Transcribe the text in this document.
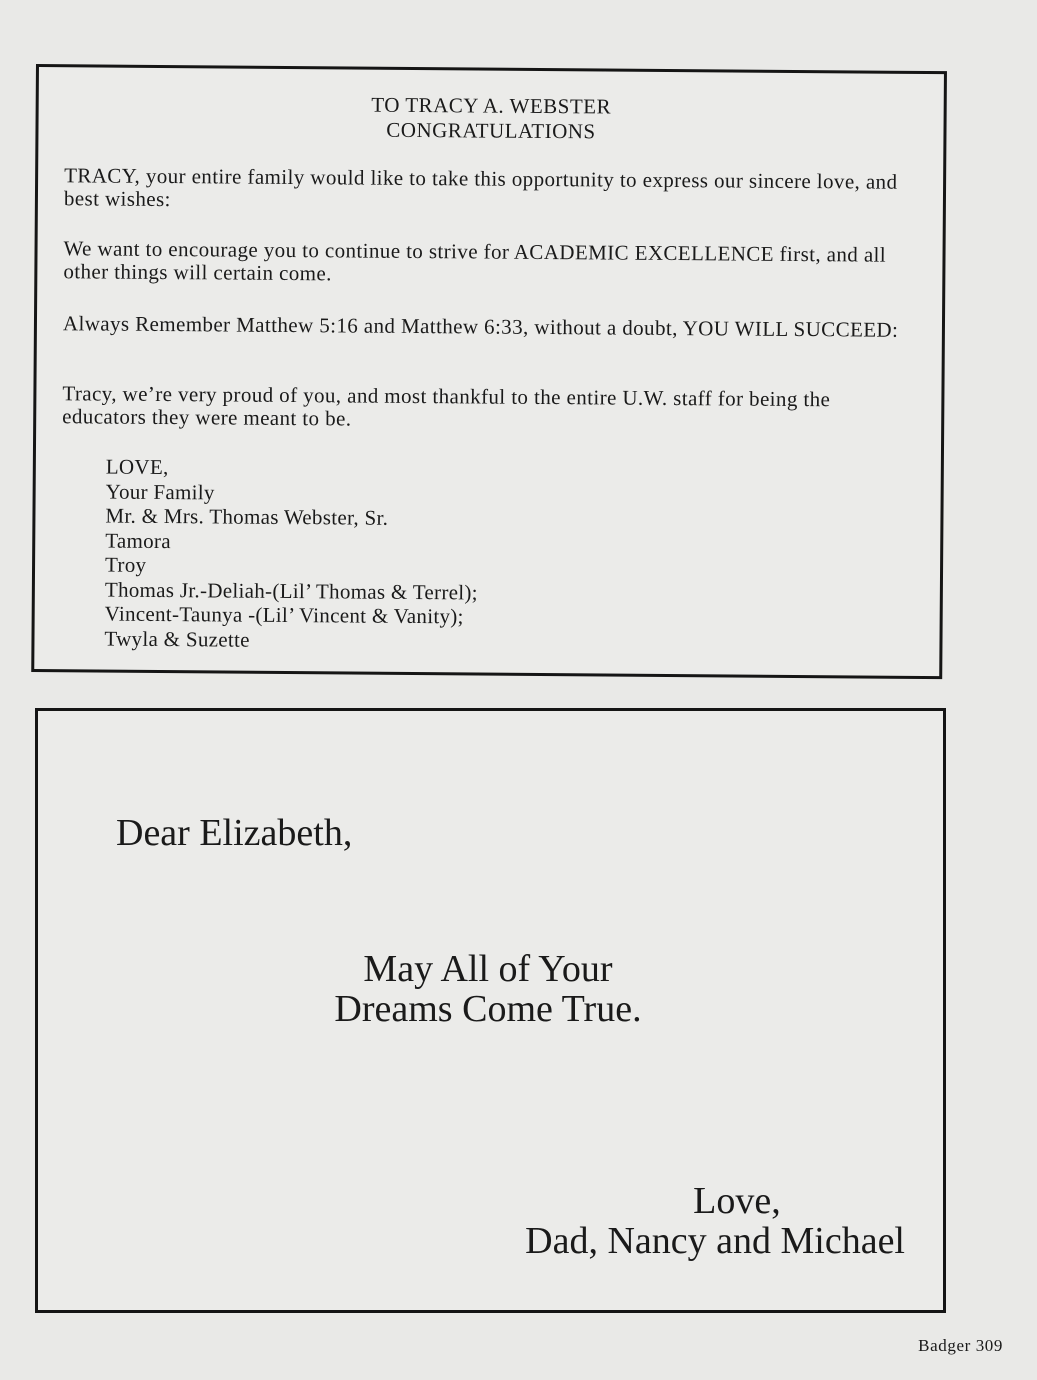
TO TRACY A. WEBSTER
CONGRATULATIONS
TRACY, your entire family would like to take this opportunity to express our sincere love, and best wishes:
We want to encourage you to continue to strive for ACADEMIC EXCELLENCE first, and all other things will certain come.
Always Remember Matthew 5:16 and Matthew 6:33, without a doubt, YOU WILL SUCCEED:
Tracy, we’re very proud of you, and most thankful to the entire U.W. staff for being the educators they were meant to be.
LOVE,
Your Family
Mr. & Mrs. Thomas Webster, Sr.
Tamora
Troy
Thomas Jr.-Deliah-(Lil’ Thomas & Terrel);
Vincent-Taunya -(Lil’ Vincent & Vanity);
Twyla & Suzette
Dear Elizabeth,
May All of Your
Dreams Come True.
Love,
Dad, Nancy and Michael
Badger 309
